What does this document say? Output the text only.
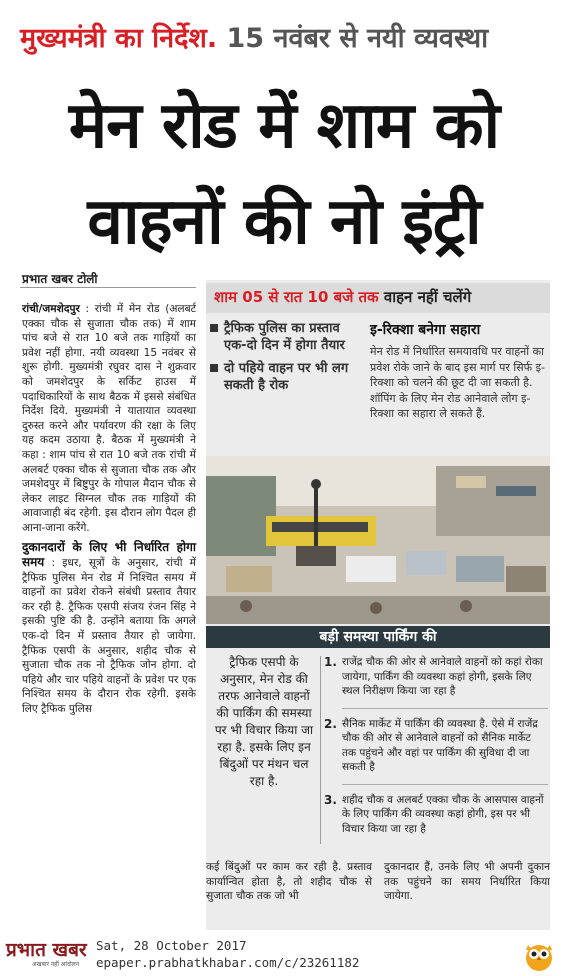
मुख्यमंत्री का निर्देश. 15 नवंबर से नयी व्यवस्था
मेन रोड में शाम को
वाहनों की नो इंट्री
प्रभात खबर टोली
रांची/जमशेदपुर : रांची में मेन रोड (अलबर्ट एक्का चौक से सुजाता चौक तक) में शाम पांच बजे से रात 10 बजे तक गाड़ियों का प्रवेश नहीं होगा. नयी व्यवस्था 15 नवंबर से शुरू होगी. मुख्यमंत्री रघुवर दास ने शुक्रवार को जमशेदपुर के सर्किट हाउस में पदाधिकारियों के साथ बैठक में इससे संबंधित निर्देश दिये. मुख्यमंत्री ने यातायात व्यवस्था दुरुस्त करने और पर्यावरण की रक्षा के लिए यह कदम उठाया है. बैठक में मुख्यमंत्री ने कहा : शाम पांच से रात 10 बजे तक रांची में अलबर्ट एक्का चौक से सुजाता चौक तक और जमशेदपुर में बिष्टुपुर के गोपाल मैदान चौक से लेकर लाइट सिग्नल चौक तक गाड़ियों की आवाजाही बंद रहेगी. इस दौरान लोग पैदल ही आना-जाना करेंगे.
दुकानदारों के लिए भी निर्धारित होगा समय : इधर, सूत्रों के अनुसार, रांची में ट्रैफिक पुलिस मेन रोड में निश्चित समय में वाहनों का प्रवेश रोकने संबंधी प्रस्ताव तैयार कर रही है. ट्रैफिक एसपी संजय रंजन सिंह ने इसकी पुष्टि की है. उन्होंने बताया कि अगले एक-दो दिन में प्रस्ताव तैयार हो जायेगा. ट्रैफिक एसपी के अनुसार, शहीद चौक से सुजाता चौक तक नो ट्रैफिक जोन होगा. दो पहिये और चार पहिये वाहनों के प्रवेश पर एक निश्चित समय के दौरान रोक रहेगी. इसके लिए ट्रैफिक पुलिस
शाम 05 से रात 10 बजे तक वाहन नहीं चलेंगे
ट्रैफिक पुलिस का प्रस्ताव एक-दो दिन में होगा तैयार
दो पहिये वाहन पर भी लग सकती है रोक
इ-रिक्शा बनेगा सहारा
मेन रोड में निर्धारित समयावधि पर वाहनों का प्रवेश रोके जाने के बाद इस मार्ग पर सिर्फ इ-रिक्शा को चलने की छूट दी जा सकती है. शॉपिंग के लिए मेन रोड आनेवाले लोग इ-रिक्शा का सहारा ले सकते हैं.
बड़ी समस्या पार्किंग की
ट्रैफिक एसपी के अनुसार, मेन रोड की तरफ आनेवाले वाहनों की पार्किंग की समस्या पर भी विचार किया जा रहा है. इसके लिए इन बिंदुओं पर मंथन चल रहा है.
1. राजेंद्र चौक की ओर से आनेवाले वाहनों को कहां रोका जायेगा, पार्किंग की व्यवस्था कहां होगी, इसके लिए स्थल निरीक्षण किया जा रहा है
2. सैनिक मार्केट में पार्किंग की व्यवस्था है. ऐसे में राजेंद्र चौक की ओर से आनेवाले वाहनों को सैनिक मार्केट तक पहुंचने और वहां पर पार्किंग की सुविधा दी जा सकती है
3. शहीद चौक व अलबर्ट एक्का चौक के आसपास वाहनों के लिए पार्किंग की व्यवस्था कहां होगी, इस पर भी विचार किया जा रहा है
कई बिंदुओं पर काम कर रही है. प्रस्ताव कार्यान्वित होता है, तो शहीद चौक से सुजाता चौक तक जो भी
दुकानदार हैं, उनके लिए भी अपनी दुकान तक पहुंचने का समय निर्धारित किया जायेगा.
प्रभात खबर
अखबार नहीं आंदोलन
Sat, 28 October 2017
epaper.prabhatkhabar.com/c/23261182
